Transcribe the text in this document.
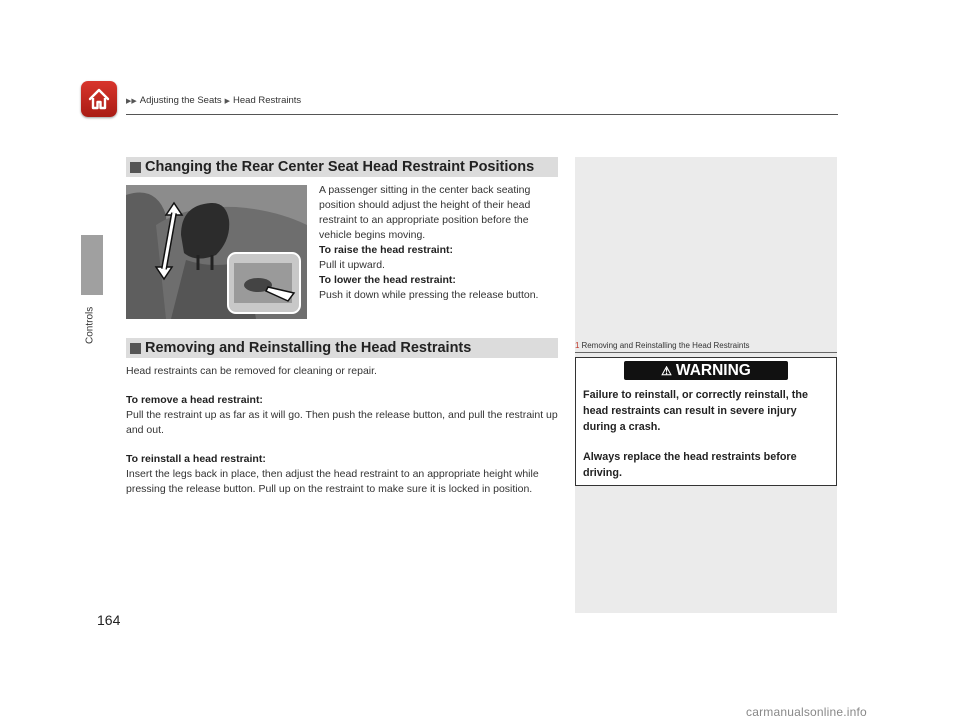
▶▶ Adjusting the Seats ▶ Head Restraints
Controls
Changing the Rear Center Seat Head Restraint Positions

A passenger sitting in the center back seating position should adjust the height of their head restraint to an appropriate position before the vehicle begins moving.

To raise the head restraint:

Pull it upward.

To lower the head restraint:

Push it down while pressing the release button.

Removing and Reinstalling the Head Restraints

Head restraints can be removed for cleaning or repair.

To remove a head restraint:

Pull the restraint up as far as it will go. Then push the release button, and pull the restraint up and out.

To reinstall a head restraint:

Insert the legs back in place, then adjust the head restraint to an appropriate height while pressing the release button. Pull up on the restraint to make sure it is locked in position.

1 Removing and Reinstalling the Head Restraints
⚠ WARNING

Failure to reinstall, or correctly reinstall, the head restraints can result in severe injury during a crash.

Always replace the head restraints before driving.

164
carmanualsonline.info
